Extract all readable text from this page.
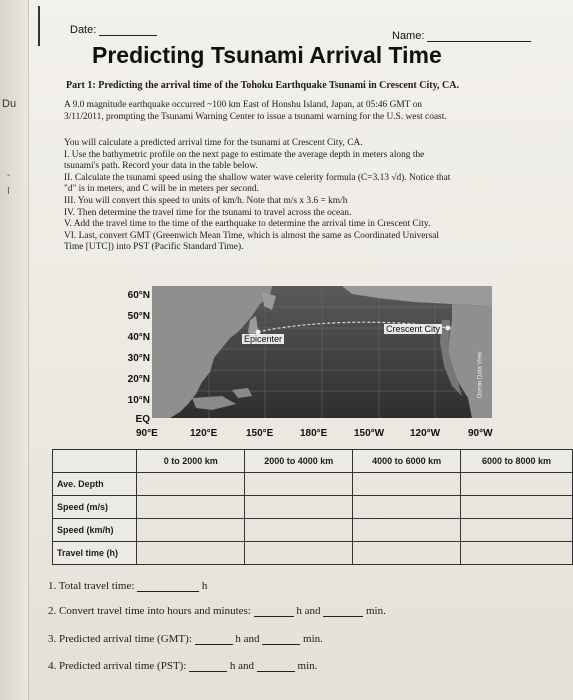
Du
-
I
Date:	Name:
Predicting Tsunami Arrival Time
Part 1: Predicting the arrival time of the Tohoku Earthquake Tsunami in Crescent City, CA.
A 9.0 magnitude earthquake occurred ~100 km East of Honshu Island, Japan, at 05:46 GMT on
3/11/2011, prompting the Tsunami Warning Center to issue a tsunami warning for the U.S. west coast.
You will calculate a predicted arrival time for the tsunami at Crescent City, CA.
I. Use the bathymetric profile on the next page to estimate the average depth in meters along the
tsunami's path. Record your data in the table below.
II. Calculate the tsunami speed using the shallow water wave celerity formula (C=3.13 √d). Notice that
"d" is in meters, and C will be in meters per second.
III. You will convert this speed to units of km/h. Note that m/s x 3.6 = km/h
IV. Then determine the travel time for the tsunami to travel across the ocean.
V. Add the travel time to the time of the earthquake to determine the arrival time in Crescent City.
VI. Last, convert GMT (Greenwich Mean Time, which is almost the same as Coordinated Universal
Time [UTC]) into PST (Pacific Standard Time).
60°N
50°N
40°N
30°N
20°N
10°N
EQ
Epicenter
Crescent City
Ocean Data View
90°E	120°E	150°E	180°E	150°W	120°W	90°W
	0 to 2000 km	2000 to 4000 km	4000 to 6000 km	6000 to 8000 km
Ave. Depth				
Speed (m/s)				
Speed (km/h)				
Travel time (h)				
1. Total travel time:	h
2. Convert travel time into hours and minutes:	h and	min.
3. Predicted arrival time (GMT):	h and	min.
4. Predicted arrival time (PST):	h and	min.
